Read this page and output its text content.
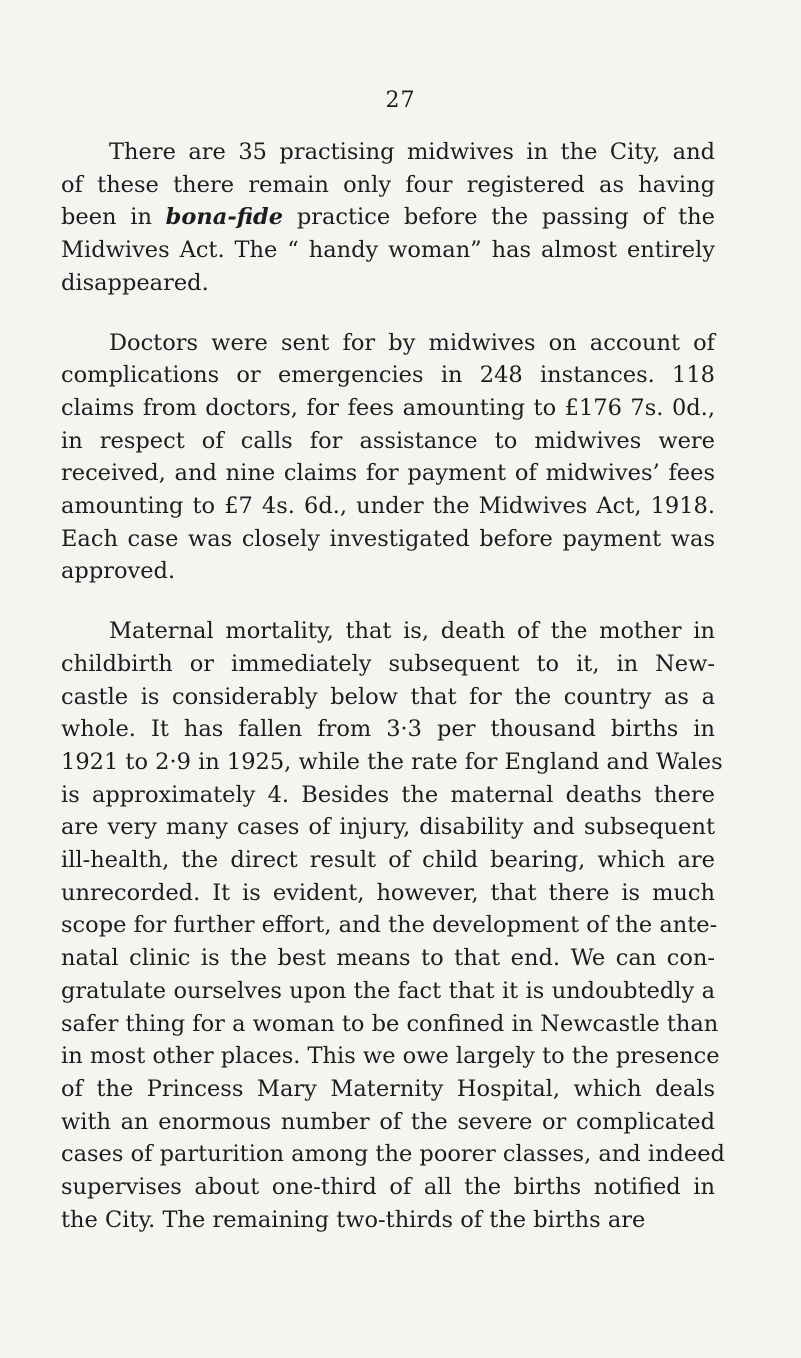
27
There are 35 practising midwives in the City, and
of these there remain only four registered as having
been in bona-fide practice before the passing of the
Midwives Act. The “ handy woman” has almost entirely
disappeared.
Doctors were sent for by midwives on account of
complications or emergencies in 248 instances. 118
claims from doctors, for fees amounting to £176 7s. 0d.,
in respect of calls for assistance to midwives were
received, and nine claims for payment of midwives’ fees
amounting to £7 4s. 6d., under the Midwives Act, 1918.
Each case was closely investigated before payment was
approved.
Maternal mortality, that is, death of the mother in
childbirth or immediately subsequent to it, in New-
castle is considerably below that for the country as a
whole. It has fallen from 3·3 per thousand births in
1921 to 2·9 in 1925, while the rate for England and Wales
is approximately 4. Besides the maternal deaths there
are very many cases of injury, disability and subsequent
ill-health, the direct result of child bearing, which are
unrecorded. It is evident, however, that there is much
scope for further effort, and the development of the ante-
natal clinic is the best means to that end. We can con-
gratulate ourselves upon the fact that it is undoubtedly a
safer thing for a woman to be confined in Newcastle than
in most other places. This we owe largely to the presence
of the Princess Mary Maternity Hospital, which deals
with an enormous number of the severe or complicated
cases of parturition among the poorer classes, and indeed
supervises about one-third of all the births notified in
the City. The remaining two-thirds of the births are
